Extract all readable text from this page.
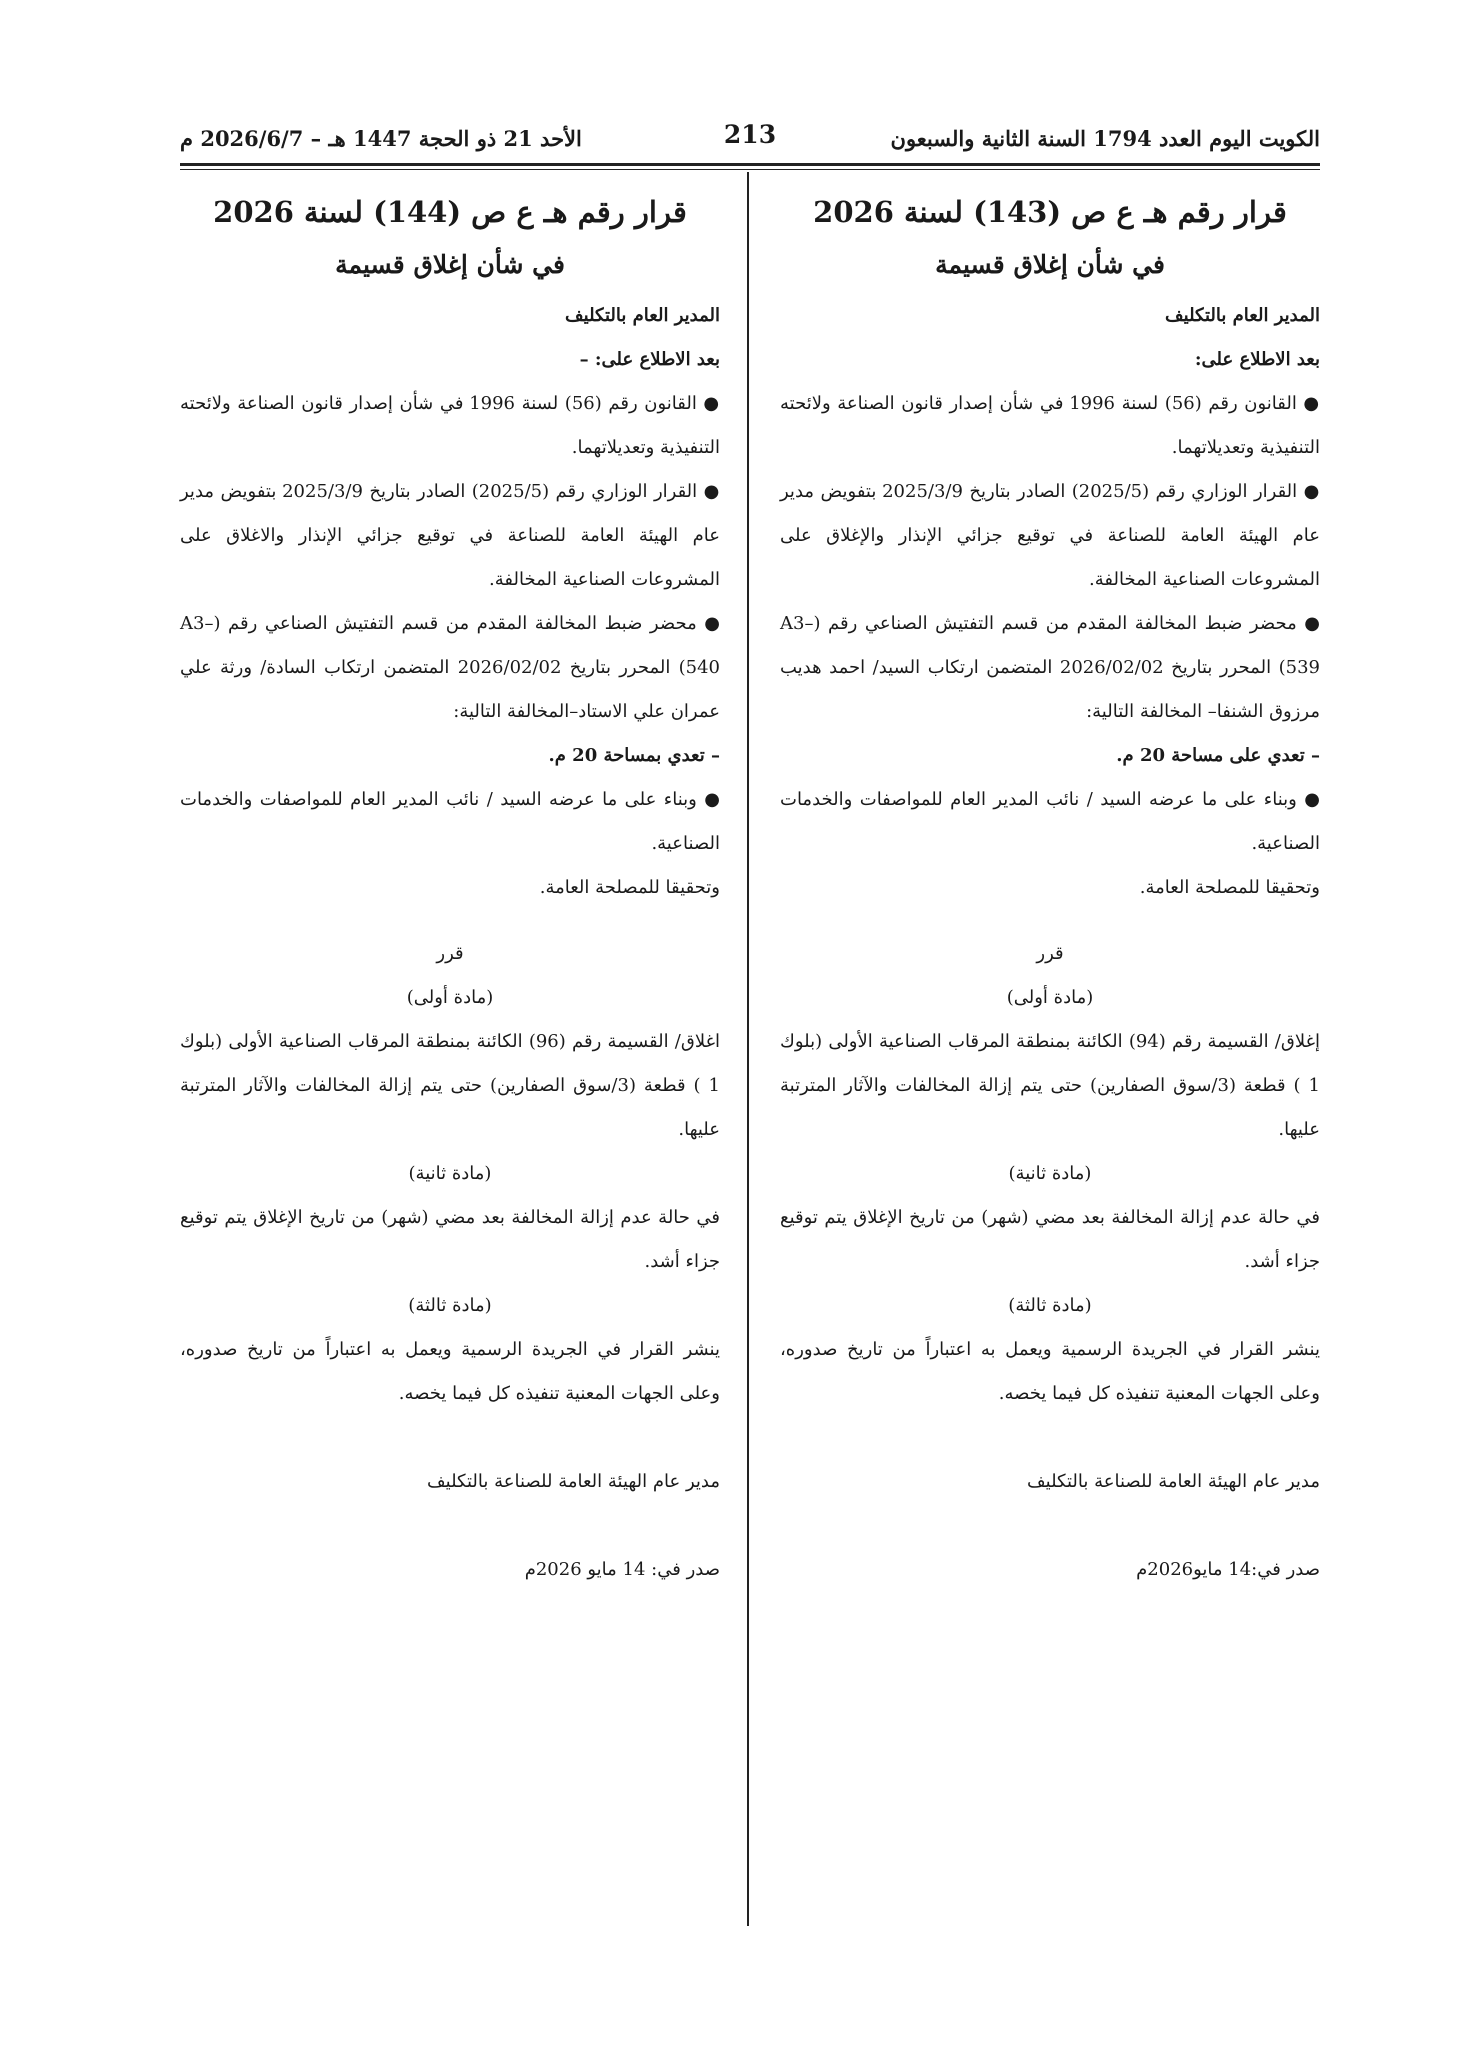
الكويت اليوم العدد 1794 السنة الثانية والسبعون
213
الأحد 21 ذو الحجة 1447 هـ – 2026/6/7 م
قرار رقم هـ ع ص (143) لسنة 2026
في شأن إغلاق قسيمة

المدير العام بالتكليف

بعد الاطلاع على:

● القانون رقم (56) لسنة 1996 في شأن إصدار قانون الصناعة ولائحته التنفيذية وتعديلاتهما.

● القرار الوزاري رقم (2025/5) الصادر بتاريخ 2025/3/9 بتفويض مدير عام الهيئة العامة للصناعة في توقيع جزائي الإنذار والإغلاق على المشروعات الصناعية المخالفة.

● محضر ضبط المخالفة المقدم من قسم التفتيش الصناعي رقم (A3–539) المحرر بتاريخ 2026/02/02 المتضمن ارتكاب السيد/ احمد هديب مرزوق الشنفا– المخالفة التالية:

– تعدي على مساحة 20 م.

● وبناء على ما عرضه السيد / نائب المدير العام للمواصفات والخدمات الصناعية.

وتحقيقا للمصلحة العامة.

قرر

(مادة أولى)

إغلاق/ القسيمة رقم (94) الكائنة بمنطقة المرقاب الصناعية الأولى (بلوك 1 ) قطعة (3/سوق الصفارين) حتى يتم إزالة المخالفات والآثار المترتبة عليها.

(مادة ثانية)

في حالة عدم إزالة المخالفة بعد مضي (شهر) من تاريخ الإغلاق يتم توقيع جزاء أشد.

(مادة ثالثة)

ينشر القرار في الجريدة الرسمية ويعمل به اعتباراً من تاريخ صدوره، وعلى الجهات المعنية تنفيذه كل فيما يخصه.

مدير عام الهيئة العامة للصناعة بالتكليف

صدر في:14 مايو2026م

قرار رقم هـ ع ص (144) لسنة 2026
في شأن إغلاق قسيمة

المدير العام بالتكليف

بعد الاطلاع على: –

● القانون رقم (56) لسنة 1996 في شأن إصدار قانون الصناعة ولائحته التنفيذية وتعديلاتهما.

● القرار الوزاري رقم (2025/5) الصادر بتاريخ 2025/3/9 بتفويض مدير عام الهيئة العامة للصناعة في توقيع جزائي الإنذار والاغلاق على المشروعات الصناعية المخالفة.

● محضر ضبط المخالفة المقدم من قسم التفتيش الصناعي رقم (A3–540) المحرر بتاريخ 2026/02/02 المتضمن ارتكاب السادة/ ورثة علي عمران علي الاستاد–المخالفة التالية:

– تعدي بمساحة 20 م.

● وبناء على ما عرضه السيد / نائب المدير العام للمواصفات والخدمات الصناعية.

وتحقيقا للمصلحة العامة.

قرر

(مادة أولى)

اغلاق/ القسيمة رقم (96) الكائنة بمنطقة المرقاب الصناعية الأولى (بلوك 1 ) قطعة (3/سوق الصفارين) حتى يتم إزالة المخالفات والآثار المترتبة عليها.

(مادة ثانية)

في حالة عدم إزالة المخالفة بعد مضي (شهر) من تاريخ الإغلاق يتم توقيع جزاء أشد.

(مادة ثالثة)

ينشر القرار في الجريدة الرسمية ويعمل به اعتباراً من تاريخ صدوره، وعلى الجهات المعنية تنفيذه كل فيما يخصه.

مدير عام الهيئة العامة للصناعة بالتكليف

صدر في: 14 مايو 2026م
